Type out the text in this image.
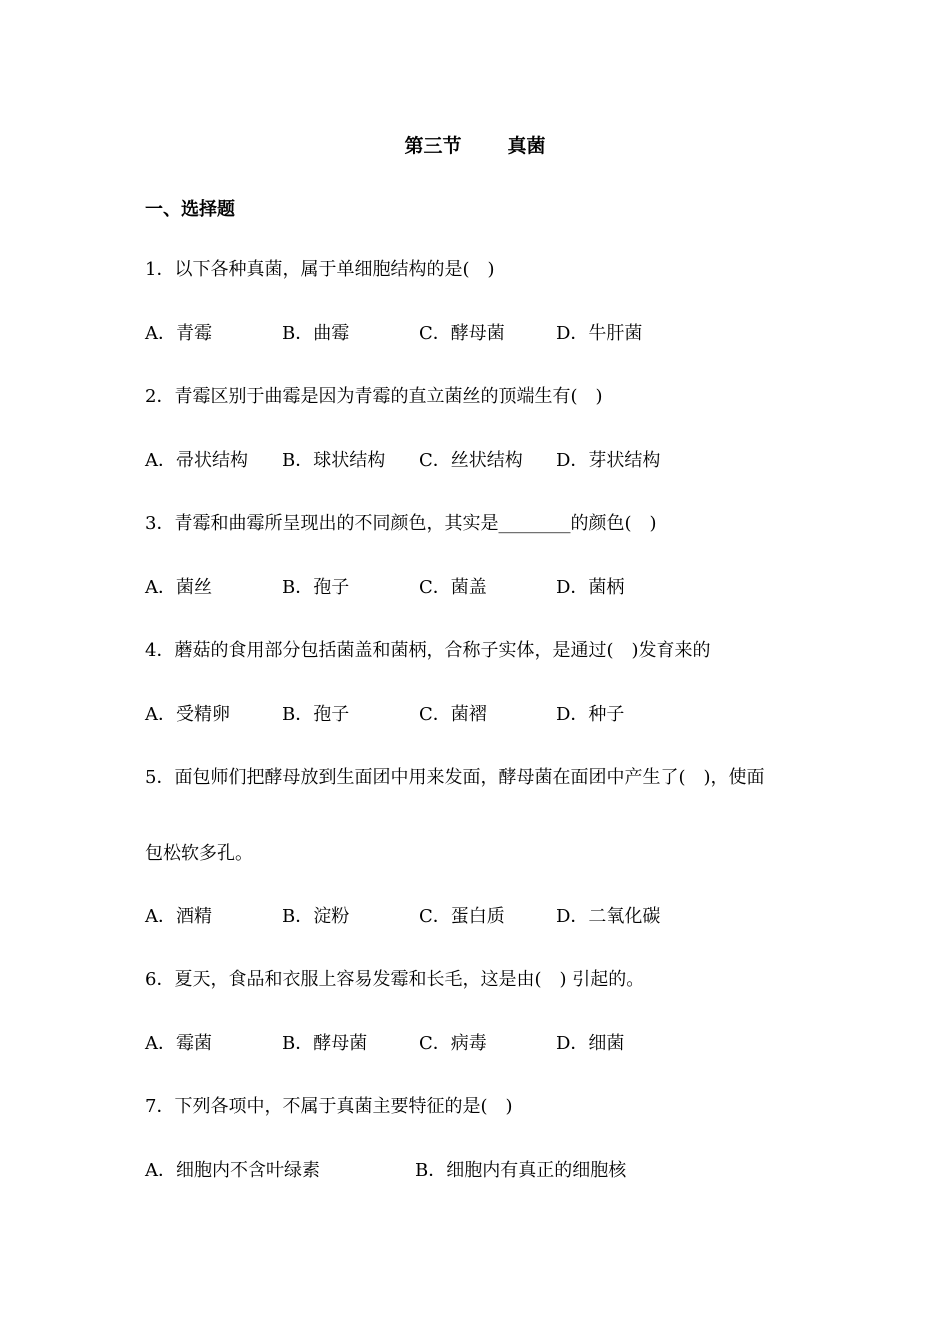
第三节 真菌
一、选择题
1．以下各种真菌，属于单细胞结构的是(　)
A．青霉	B．曲霉	C．酵母菌	D．牛肝菌
2．青霉区别于曲霉是因为青霉的直立菌丝的顶端生有(　)
A．帚状结构 B．球状结构 C．丝状结构 D．芽状结构
3．青霉和曲霉所呈现出的不同颜色，其实是________的颜色(　)
A．菌丝	B．孢子	C．菌盖	D．菌柄
4．蘑菇的食用部分包括菌盖和菌柄，合称子实体，是通过(　)发育来的
A．受精卵	B．孢子	C．菌褶	D．种子
5．面包师们把酵母放到生面团中用来发面，酵母菌在面团中产生了(　)，使面
包松软多孔。
A．酒精	B．淀粉	C．蛋白质	D．二氧化碳
6．夏天，食品和衣服上容易发霉和长毛，这是由(　) 引起的。
A．霉菌	B．酵母菌	C．病毒	D．细菌
7．下列各项中，不属于真菌主要特征的是(　)
A．细胞内不含叶绿素	B．细胞内有真正的细胞核
